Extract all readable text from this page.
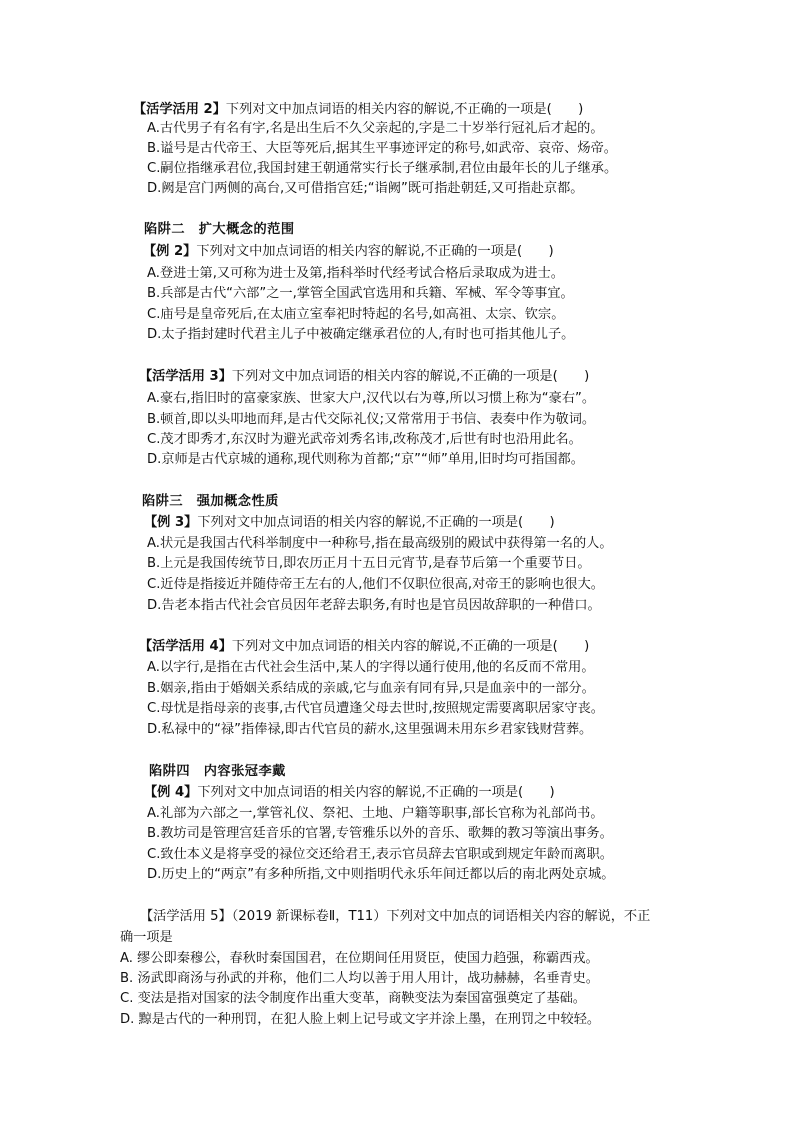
【活学活用 2】下列对文中加点词语的相关内容的解说,不正确的一项是(　　)
A.古代男子有名有字,名是出生后不久父亲起的,字是二十岁举行冠礼后才起的。
B.谥号是古代帝王、大臣等死后,据其生平事迹评定的称号,如武帝、哀帝、炀帝。
C.嗣位指继承君位,我国封建王朝通常实行长子继承制,君位由最年长的儿子继承。
D.阙是宫门两侧的高台,又可借指宫廷;“诣阙”既可指赴朝廷,又可指赴京都。
陷阱二　扩大概念的范围
【例 2】下列对文中加点词语的相关内容的解说,不正确的一项是(　　)
A.登进士第,又可称为进士及第,指科举时代经考试合格后录取成为进士。
B.兵部是古代“六部”之一,掌管全国武官选用和兵籍、军械、军令等事宜。
C.庙号是皇帝死后,在太庙立室奉祀时特起的名号,如高祖、太宗、钦宗。
D.太子指封建时代君主儿子中被确定继承君位的人,有时也可指其他儿子。
【活学活用 3】下列对文中加点词语的相关内容的解说,不正确的一项是(　　)
A.豪右,指旧时的富豪家族、世家大户,汉代以右为尊,所以习惯上称为“豪右”。
B.顿首,即以头叩地而拜,是古代交际礼仪;又常常用于书信、表奏中作为敬词。
C.茂才即秀才,东汉时为避光武帝刘秀名讳,改称茂才,后世有时也沿用此名。
D.京师是古代京城的通称,现代则称为首都;“京”“师”单用,旧时均可指国都。
陷阱三　强加概念性质
【例 3】下列对文中加点词语的相关内容的解说,不正确的一项是(　　)
A.状元是我国古代科举制度中一种称号,指在最高级别的殿试中获得第一名的人。
B.上元是我国传统节日,即农历正月十五日元宵节,是春节后第一个重要节日。
C.近侍是指接近并随侍帝王左右的人,他们不仅职位很高,对帝王的影响也很大。
D.告老本指古代社会官员因年老辞去职务,有时也是官员因故辞职的一种借口。
【活学活用 4】下列对文中加点词语的相关内容的解说,不正确的一项是(　　)
A.以字行,是指在古代社会生活中,某人的字得以通行使用,他的名反而不常用。
B.姻亲,指由于婚姻关系结成的亲戚,它与血亲有同有异,只是血亲中的一部分。
C.母忧是指母亲的丧事,古代官员遭逢父母去世时,按照规定需要离职居家守丧。
D.私禄中的“禄”指俸禄,即古代官员的薪水,这里强调未用东乡君家钱财营葬。
陷阱四　内容张冠李戴
【例 4】下列对文中加点词语的相关内容的解说,不正确的一项是(　　)
A.礼部为六部之一,掌管礼仪、祭祀、土地、户籍等职事,部长官称为礼部尚书。
B.教坊司是管理宫廷音乐的官署,专管雅乐以外的音乐、歌舞的教习等演出事务。
C.致仕本义是将享受的禄位交还给君王,表示官员辞去官职或到规定年龄而离职。
D.历史上的“两京”有多种所指,文中则指明代永乐年间迁都以后的南北两处京城。
【活学活用 5】（2019 新课标卷Ⅱ，T11）下列对文中加点的词语相关内容的解说，不正
确一项是
A. 缪公即秦穆公，春秋时秦国国君，在位期间任用贤臣，使国力趋强，称霸西戎。
B. 汤武即商汤与孙武的并称，他们二人均以善于用人用计，战功赫赫，名垂青史。
C. 变法是指对国家的法令制度作出重大变革，商鞅变法为秦国富强奠定了基础。
D. 黥是古代的一种刑罚，在犯人脸上刺上记号或文字并涂上墨，在刑罚之中较轻。
